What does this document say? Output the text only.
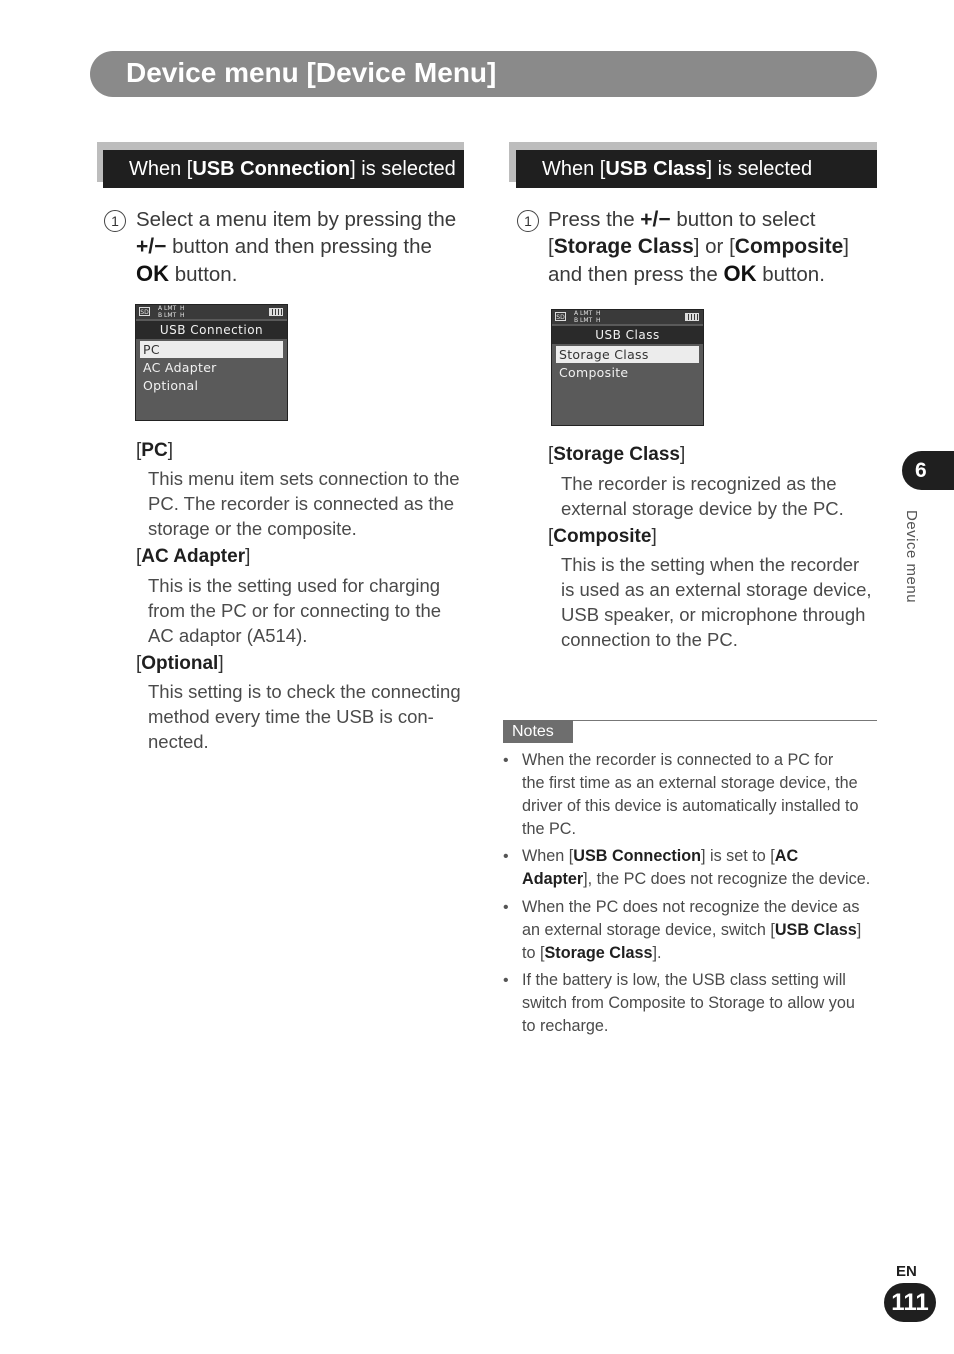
Device menu [Device Menu]
When [USB Connection] is selected
1 Select a menu item by pressing the
+/− button and then pressing the
OK button.
SD
A LMT  H
B LMT  H
USB Connection
PC
AC Adapter
Optional
[PC]
This menu item sets connection to the
PC. The recorder is connected as the
storage or the composite.
[AC Adapter]
This is the setting used for charging
from the PC or for connecting to the
AC adaptor (A514).
[Optional]
This setting is to check the connecting
method every time the USB is con-
nected.
When [USB Class] is selected
1 Press the +/− button to select
[Storage Class] or [Composite]
and then press the OK button.
SD
A LMT  H
B LMT  H
USB Class
Storage Class
Composite
[Storage Class]
The recorder is recognized as the
external storage device by the PC.
[Composite]
This is the setting when the recorder
is used as an external storage device,
USB speaker, or microphone through
connection to the PC.
Notes
• When the recorder is connected to a PC for
the first time as an external storage device, the
driver of this device is automatically installed to
the PC.
• When [USB Connection] is set to [AC
Adapter], the PC does not recognize the device.
• When the PC does not recognize the device as
an external storage device, switch [USB Class]
to [Storage Class].
• If the battery is low, the USB class setting will
switch from Composite to Storage to allow you
to recharge.
6
Device menu
EN
111
